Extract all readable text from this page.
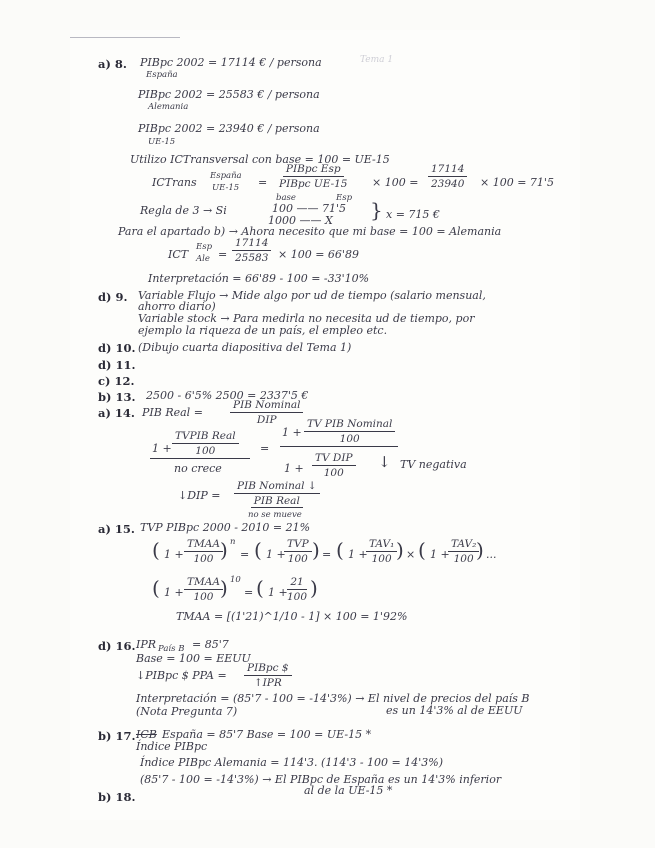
Tema 1
a) 8. PIBpc 2002 = 17114 € / persona
España
PIBpc 2002 = 25583 € / persona
Alemania
PIBpc 2002 = 23940 € / persona
UE-15
Utilizo ICTransversal con base = 100 = UE-15
ICTrans España
UE-15 =
PIBpc Esp
PIBpc $UE-15 \times 100 = \frac{17114}{23940} \times 100 = 71'5$
base	Esp
Regla de 3 → Si	100 —— 71'5
1000 —— X } x = 715 €
Para el apartado b) → Ahora necesito que mi base = 100 = Alemania
ICT
Esp
Ale = $\frac{17114}{25583} \times 100 = 66'89$
Interpretación = 66'89 - 100 = -33'10%
d) 9. Variable Flujo → Mide algo por ud de tiempo (salario mensual,
ahorro diario)
Variable stock → Para medirla no necesita ud de tiempo, por
ejemplo la riqueza de un país, el empleo etc.
d) 10. (Dibujo cuarta diapositiva del Tema 1)
d) 11.
c) 12.
b) 13. 2500 - 6'5% 2500 = 2337'5 €
a) 14. PIB Real =
PIB Nominal
DIP
1 +
TVPIB Real
100
no crece
=
1 +
TV PIB Nominal
100
1 +
TV DIP
100
↓ TV negativa
↓DIP =
PIB Nominal ↓
PIB Real
no se mueve
a) 15. TVP PIBpc 2000 - 2010 = 21%
( 1 +
TMAA
100 ) n
= ( 1 +
TVP
100 ) = ( 1 +
TAV₁
100 ) × ( 1 +
TAV₂
100 ) ...
( 1 +
TMAA
100 ) 10
= ( 1 +
$\frac{21}{100}$ )
TMAA = [(1'21)^1/10 - 1] × 100 = 1'92%
d) 16. IPR País B = 85'7
Base = 100 = EEUU
↓PIBpc $ PPA =
PIBpc $
↑IPR
Interpretación = (85'7 - 100 = -14'3%) → El nivel de precios del país B
(Nota Pregunta 7)	es un 14'3% al de EEUU
b) 17. ICB España = 85'7 Base = 100 = UE-15 *
Índice PIBpc
Índice PIBpc Alemania = 114'3. (114'3 - 100 = 14'3%)
(85'7 - 100 = -14'3%) → El PIBpc de España es un 14'3% inferior
al de la UE-15 *
b) 18.
